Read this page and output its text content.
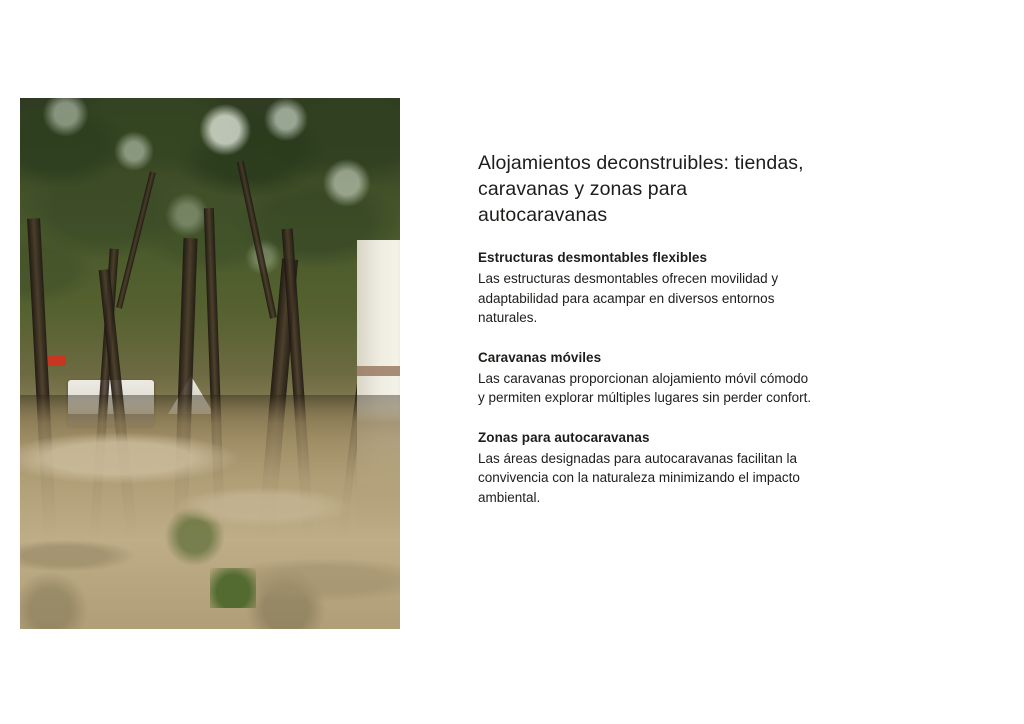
Alojamientos deconstruibles: tiendas, caravanas y zonas para autocaravanas
Estructuras desmontables flexibles

Las estructuras desmontables ofrecen movilidad y adaptabilidad para acampar en diversos entornos naturales.

Caravanas móviles

Las caravanas proporcionan alojamiento móvil cómodo y permiten explorar múltiples lugares sin perder confort.

Zonas para autocaravanas

Las áreas designadas para autocaravanas facilitan la convivencia con la naturaleza minimizando el impacto ambiental.
